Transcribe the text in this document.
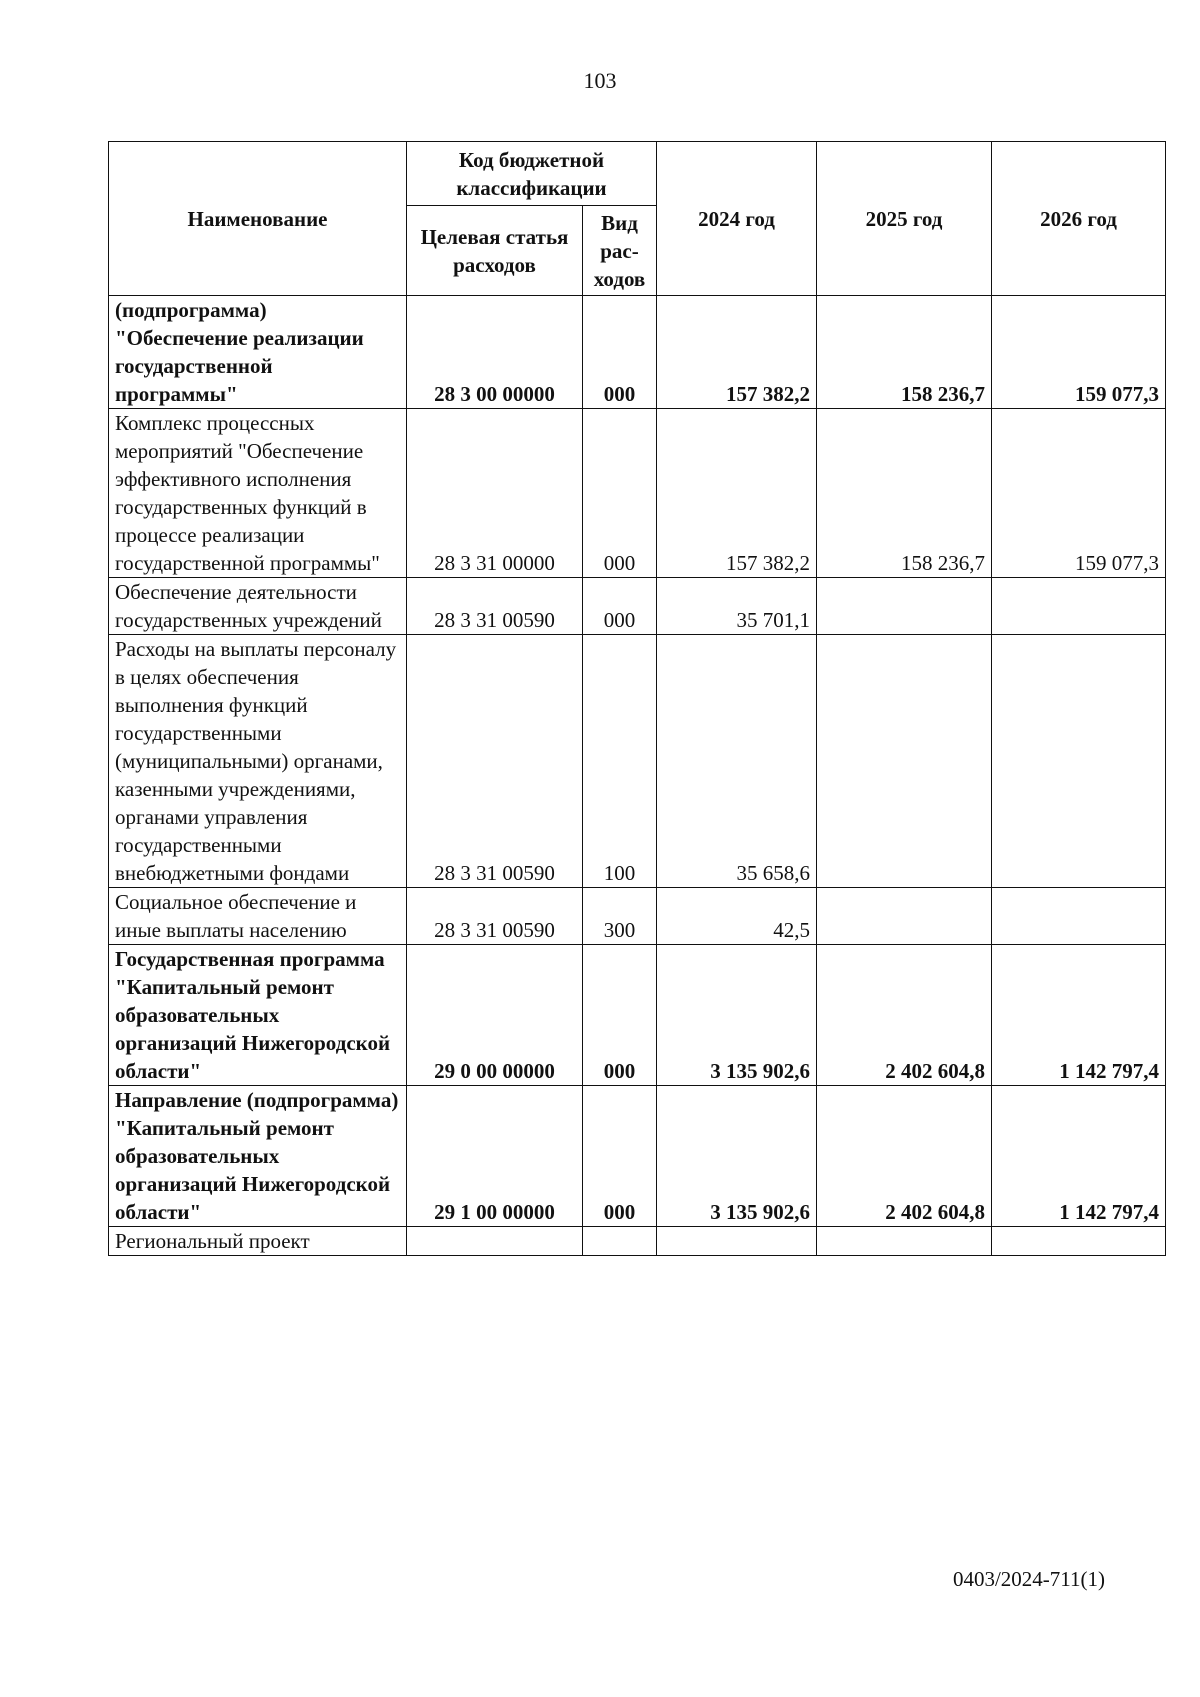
103
Наименование	Код бюджетной классификации		2024 год	2025 год	2026 год
	Целевая статья расходов	Вид рас-ходов			
(подпрограмма) "Обеспечение реализации государственной программы"	28 3 00 00000	000	157 382,2	158 236,7	159 077,3
Комплекс процессных мероприятий "Обеспечение эффективного исполнения государственных функций в процессе реализации государственной программы"	28 3 31 00000	000	157 382,2	158 236,7	159 077,3
Обеспечение деятельности государственных учреждений	28 3 31 00590	000	35 701,1		
Расходы на выплаты персоналу в целях обеспечения выполнения функций государственными (муниципальными) органами, казенными учреждениями, органами управления государственными внебюджетными фондами	28 3 31 00590	100	35 658,6		
Социальное обеспечение и иные выплаты населению	28 3 31 00590	300	42,5		
Государственная программа "Капитальный ремонт образовательных организаций Нижегородской области"	29 0 00 00000	000	3 135 902,6	2 402 604,8	1 142 797,4
Направление (подпрограмма) "Капитальный ремонт образовательных организаций Нижегородской области"	29 1 00 00000	000	3 135 902,6	2 402 604,8	1 142 797,4
Региональный проект					
0403/2024-711(1)
